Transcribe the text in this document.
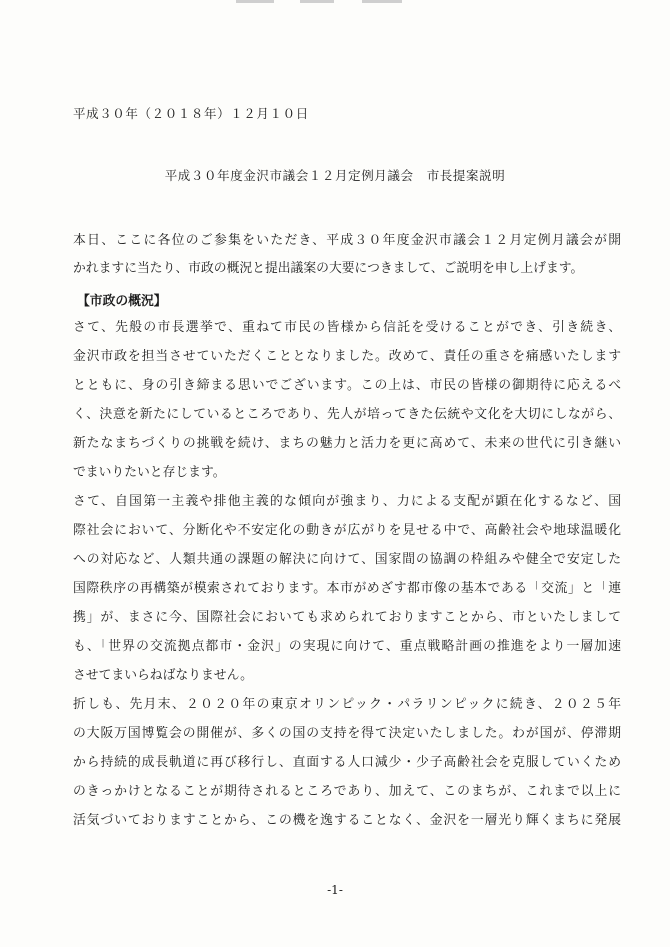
平成３０年（２０１８年）１２月１０日
平成３０年度金沢市議会１２月定例月議会　市長提案説明
本日、ここに各位のご参集をいただき、平成３０年度金沢市議会１２月定例月議会が開
かれますに当たり、市政の概況と提出議案の大要につきまして、ご説明を申し上げます。
【市政の概況】
さて、先般の市長選挙で、重ねて市民の皆様から信託を受けることができ、引き続き、
金沢市政を担当させていただくこととなりました。改めて、責任の重さを痛感いたします
とともに、身の引き締まる思いでございます。この上は、市民の皆様の御期待に応えるべ
く、決意を新たにしているところであり、先人が培ってきた伝統や文化を大切にしながら、
新たなまちづくりの挑戦を続け、まちの魅力と活力を更に高めて、未来の世代に引き継い
でまいりたいと存じます。
さて、自国第一主義や排他主義的な傾向が強まり、力による支配が顕在化するなど、国
際社会において、分断化や不安定化の動きが広がりを見せる中で、高齢社会や地球温暖化
への対応など、人類共通の課題の解決に向けて、国家間の協調の枠組みや健全で安定した
国際秩序の再構築が模索されております。本市がめざす都市像の基本である「交流」と「連
携」が、まさに今、国際社会においても求められておりますことから、市といたしまして
も、「世界の交流拠点都市・金沢」の実現に向けて、重点戦略計画の推進をより一層加速
させてまいらねばなりません。
折しも、先月末、２０２０年の東京オリンピック・パラリンピックに続き、２０２５年
の大阪万国博覧会の開催が、多くの国の支持を得て決定いたしました。わが国が、停滞期
から持続的成長軌道に再び移行し、直面する人口減少・少子高齢社会を克服していくため
のきっかけとなることが期待されるところであり、加えて、このまちが、これまで以上に
活気づいておりますことから、この機を逸することなく、金沢を一層光り輝くまちに発展
-1-
